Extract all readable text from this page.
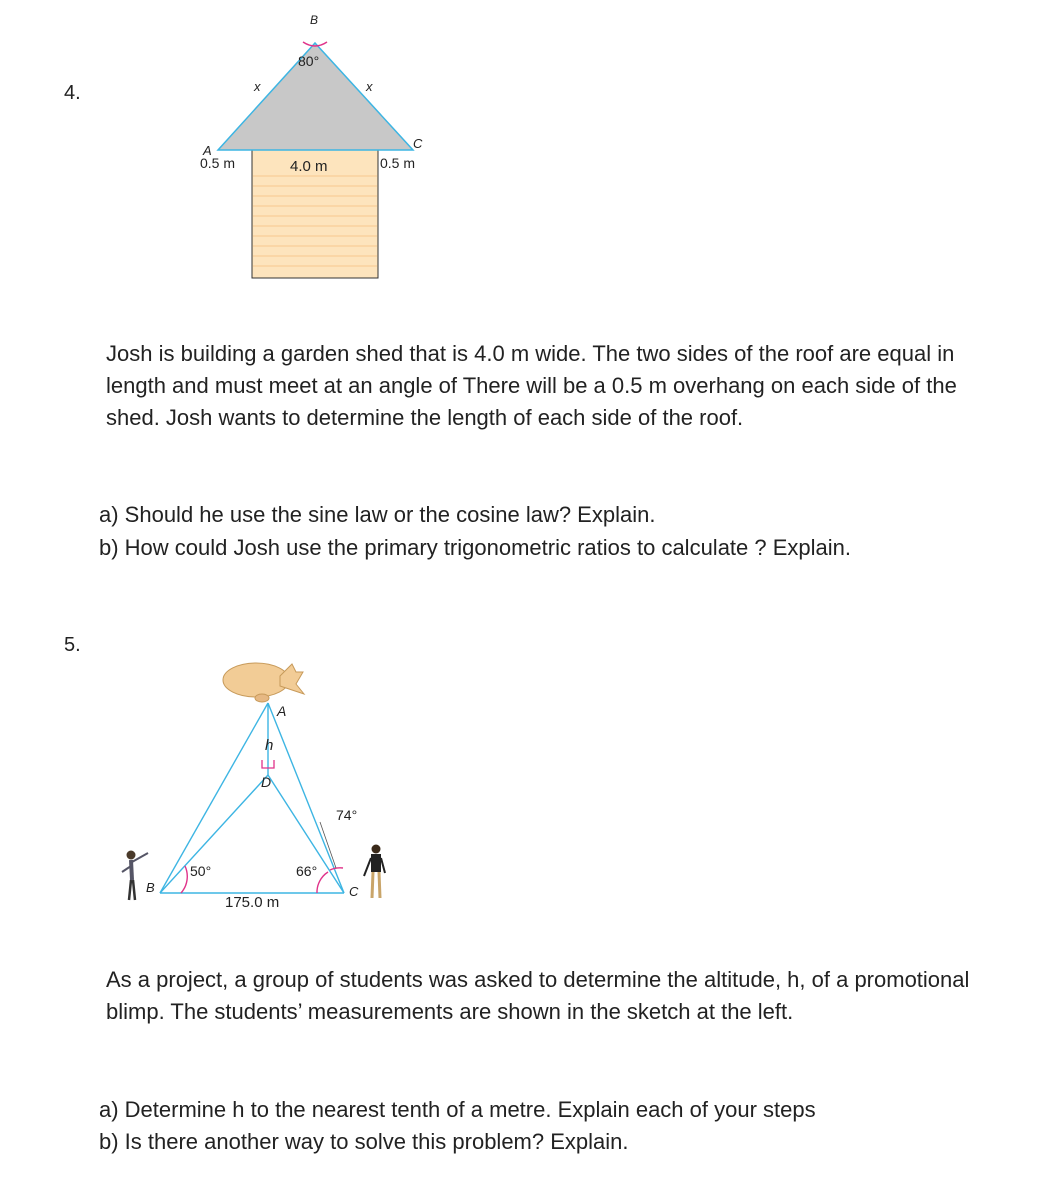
4.
B
80°
x	x
A	C
0.5 m	0.5 m
4.0 m
Josh is building a garden shed that is 4.0 m wide. The two sides of the roof are equal in length and must meet at an angle of There will be a 0.5 m overhang on each side of the shed. Josh wants to determine the length of each side of the roof.
a) Should he use the sine law or the cosine law? Explain.
b) How could Josh use the primary trigonometric ratios to calculate ? Explain.
5.
A
h
D
74°
50°	66°
B	C
175.0 m
As a project, a group of students was asked to determine the altitude, h, of a promotional blimp. The students’ measurements are shown in the sketch at the left.
a) Determine h to the nearest tenth of a metre. Explain each of your steps
b) Is there another way to solve this problem? Explain.
